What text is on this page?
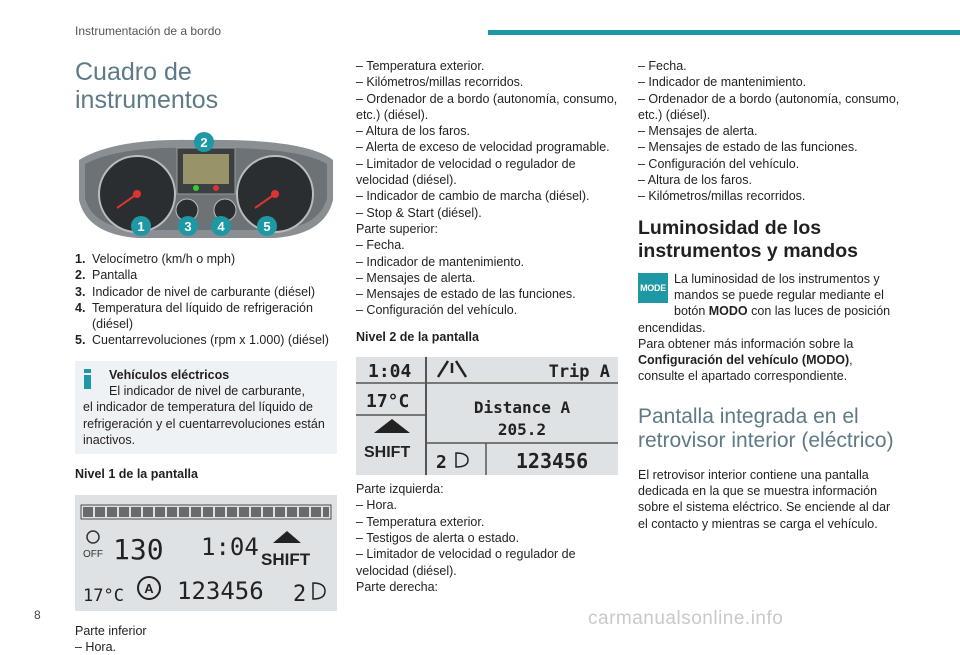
Instrumentación de a bordo
Cuadro de instrumentos
2
1	3 4	5
1. Velocímetro (km/h o mph)
2. Pantalla
3. Indicador de nivel de carburante (diésel)
4. Temperatura del líquido de refrigeración (diésel)
5. Cuentarrevoluciones (rpm x 1.000) (diésel)

Vehículos eléctricos

El indicador de nivel de carburante,

el indicador de temperatura del líquido de refrigeración y el cuentarrevoluciones están inactivos.

Nivel 1 de la pantalla
OFF 130 1:04 SHIFT
17°C A 123456 2

Parte inferior

– Hora.

– Temperatura exterior.

– Kilómetros/millas recorridos.

– Ordenador de a bordo (autonomía, consumo, etc.) (diésel).

– Altura de los faros.

– Alerta de exceso de velocidad programable.

– Limitador de velocidad o regulador de velocidad (diésel).

– Indicador de cambio de marcha (diésel).

– Stop & Start (diésel).

Parte superior:

– Fecha.

– Indicador de mantenimiento.

– Mensajes de alerta.

– Mensajes de estado de las funciones.

– Configuración del vehículo.

Nivel 2 de la pantalla
1:04
17°C
SHIFT
Trip A
Distance A
205.2
2	123456

Parte izquierda:

– Hora.

– Temperatura exterior.

– Testigos de alerta o estado.

– Limitador de velocidad o regulador de velocidad (diésel).

Parte derecha:

– Fecha.

– Indicador de mantenimiento.

– Ordenador de a bordo (autonomía, consumo, etc.) (diésel).

– Mensajes de alerta.

– Mensajes de estado de las funciones.

– Configuración del vehículo.

– Altura de los faros.

– Kilómetros/millas recorridos.

Luminosidad de los instrumentos y mandos
MODE

La luminosidad de los instrumentos y mandos se puede regular mediante el botón MODO con las luces de posición encendidas.

Para obtener más información sobre la Configuración del vehículo (MODO), consulte el apartado correspondiente.

Pantalla integrada en el retrovisor interior (eléctrico)

El retrovisor interior contiene una pantalla dedicada en la que se muestra información sobre el sistema eléctrico. Se enciende al dar el contacto y mientras se carga el vehículo.

8	carmanualsonline.info
